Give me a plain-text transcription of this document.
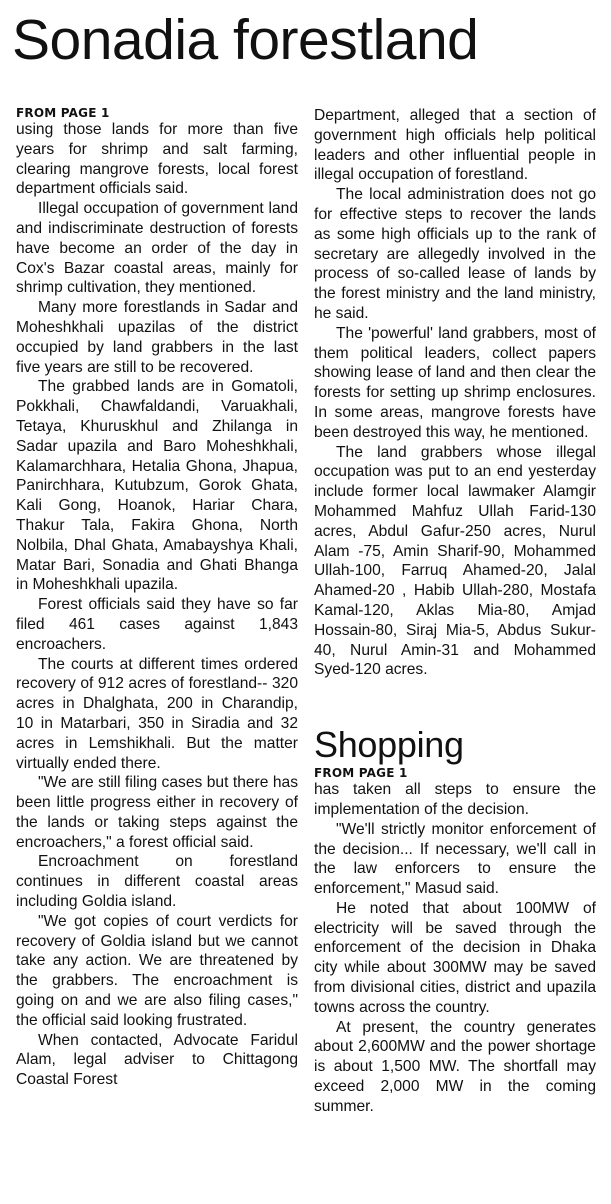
Sonadia forestland
FROM PAGE 1

using those lands for more than five years for shrimp and salt farming, clearing mangrove forests, local forest department officials said.

Illegal occupation of government land and indiscriminate destruction of forests have become an order of the day in Cox's Bazar coastal areas, mainly for shrimp cultivation, they mentioned.

Many more forestlands in Sadar and Moheshkhali upazilas of the district occupied by land grabbers in the last five years are still to be recovered.

The grabbed lands are in Gomatoli, Pokkhali, Chawfaldandi, Varuakhali, Tetaya, Khuruskhul and Zhilanga in Sadar upazila and Baro Moheshkhali, Kalamarchhara, Hetalia Ghona, Jhapua, Panirchhara, Kutubzum, Gorok Ghata, Kali Gong, Hoanok, Hariar Chara, Thakur Tala, Fakira Ghona, North Nolbila, Dhal Ghata, Amabayshya Khali, Matar Bari, Sonadia and Ghati Bhanga in Moheshkhali upazila.

Forest officials said they have so far filed 461 cases against 1,843 encroachers.

The courts at different times ordered recovery of 912 acres of forestland-- 320 acres in Dhalghata, 200 in Charandip, 10 in Matarbari, 350 in Siradia and 32 acres in Lemshikhali. But the matter virtually ended there.

"We are still filing cases but there has been little progress either in recovery of the lands or taking steps against the encroachers," a forest official said.

Encroachment on forestland continues in different coastal areas including Goldia island.

"We got copies of court verdicts for recovery of Goldia island but we cannot take any action. We are threatened by the grabbers. The encroachment is going on and we are also filing cases," the official said looking frustrated.

When contacted, Advocate Faridul Alam, legal adviser to Chittagong Coastal Forest

Department, alleged that a section of government high officials help political leaders and other influential people in illegal occupation of forestland.

The local administration does not go for effective steps to recover the lands as some high officials up to the rank of secretary are allegedly involved in the process of so-called lease of lands by the forest ministry and the land ministry, he said.

The 'powerful' land grabbers, most of them political leaders, collect papers showing lease of land and then clear the forests for setting up shrimp enclosures. In some areas, mangrove forests have been destroyed this way, he mentioned.

The land grabbers whose illegal occupation was put to an end yesterday include former local lawmaker Alamgir Mohammed Mahfuz Ullah Farid-130 acres, Abdul Gafur-250 acres, Nurul Alam -75, Amin Sharif-90, Mohammed Ullah-100, Farruq Ahamed-20, Jalal Ahamed-20 , Habib Ullah-280, Mostafa Kamal-120, Aklas Mia-80, Amjad Hossain-80, Siraj Mia-5, Abdus Sukur-40, Nurul Amin-31 and Mohammed Syed-120 acres.

Shopping
FROM PAGE 1

has taken all steps to ensure the implementation of the decision.

"We'll strictly monitor enforcement of the decision... If necessary, we'll call in the law enforcers to ensure the enforcement," Masud said.

He noted that about 100MW of electricity will be saved through the enforcement of the decision in Dhaka city while about 300MW may be saved from divisional cities, district and upazila towns across the country.

At present, the country generates about 2,600MW and the power shortage is about 1,500 MW. The shortfall may exceed 2,000 MW in the coming summer.
